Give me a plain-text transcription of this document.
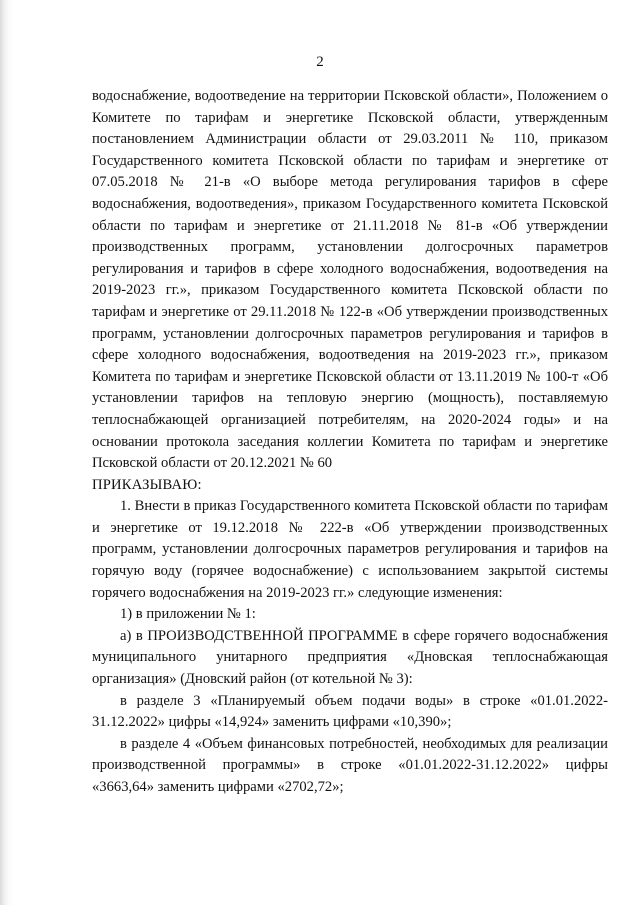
2

водоснабжение, водоотведение на территории Псковской области», Положением о Комитете по тарифам и энергетике Псковской области, утвержденным постановлением Администрации области от 29.03.2011 № 110, приказом Государственного комитета Псковской области по тарифам и энергетике от 07.05.2018 № 21-в «О выборе метода регулирования тарифов в сфере водоснабжения, водоотведения», приказом Государственного комитета Псковской области по тарифам и энергетике от 21.11.2018 № 81-в «Об утверждении производственных программ, установлении долгосрочных параметров регулирования и тарифов в сфере холодного водоснабжения, водоотведения на 2019-2023 гг.», приказом Государственного комитета Псковской области по тарифам и энергетике от 29.11.2018 № 122-в «Об утверждении производственных программ, установлении долгосрочных параметров регулирования и тарифов в сфере холодного водоснабжения, водоотведения на 2019-2023 гг.», приказом Комитета по тарифам и энергетике Псковской области от 13.11.2019 № 100-т «Об установлении тарифов на тепловую энергию (мощность), поставляемую теплоснабжающей организацией потребителям, на 2020-2024 годы» и на основании протокола заседания коллегии Комитета по тарифам и энергетике Псковской области от 20.12.2021 № 60

ПРИКАЗЫВАЮ:

1. Внести в приказ Государственного комитета Псковской области по тарифам и энергетике от 19.12.2018 № 222-в «Об утверждении производственных программ, установлении долгосрочных параметров регулирования и тарифов на горячую воду (горячее водоснабжение) с использованием закрытой системы горячего водоснабжения на 2019-2023 гг.» следующие изменения:

1) в приложении № 1:

а) в ПРОИЗВОДСТВЕННОЙ ПРОГРАММЕ в сфере горячего водоснабжения муниципального унитарного предприятия «Дновская теплоснабжающая организация» (Дновский район (от котельной № 3):

в разделе 3 «Планируемый объем подачи воды» в строке «01.01.2022-31.12.2022» цифры «14,924» заменить цифрами «10,390»;

в разделе 4 «Объем финансовых потребностей, необходимых для реализации производственной программы» в строке «01.01.2022-31.12.2022» цифры «3663,64» заменить цифрами «2702,72»;
